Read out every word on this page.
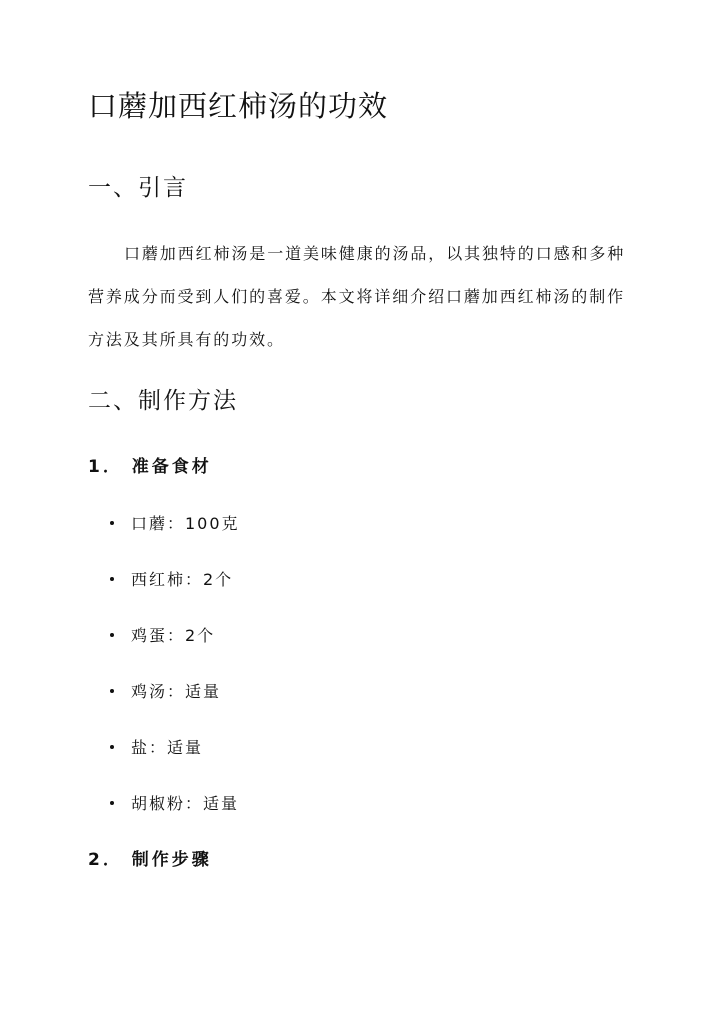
口蘑加西红柿汤的功效
一、引言

口蘑加西红柿汤是一道美味健康的汤品，以其独特的口感和多种营养成分而受到人们的喜爱。本文将详细介绍口蘑加西红柿汤的制作方法及其所具有的功效。

二、制作方法
1． 准备食材
口蘑：100克
西红柿：2个
鸡蛋：2个
鸡汤：适量
盐：适量
胡椒粉：适量
2． 制作步骤
